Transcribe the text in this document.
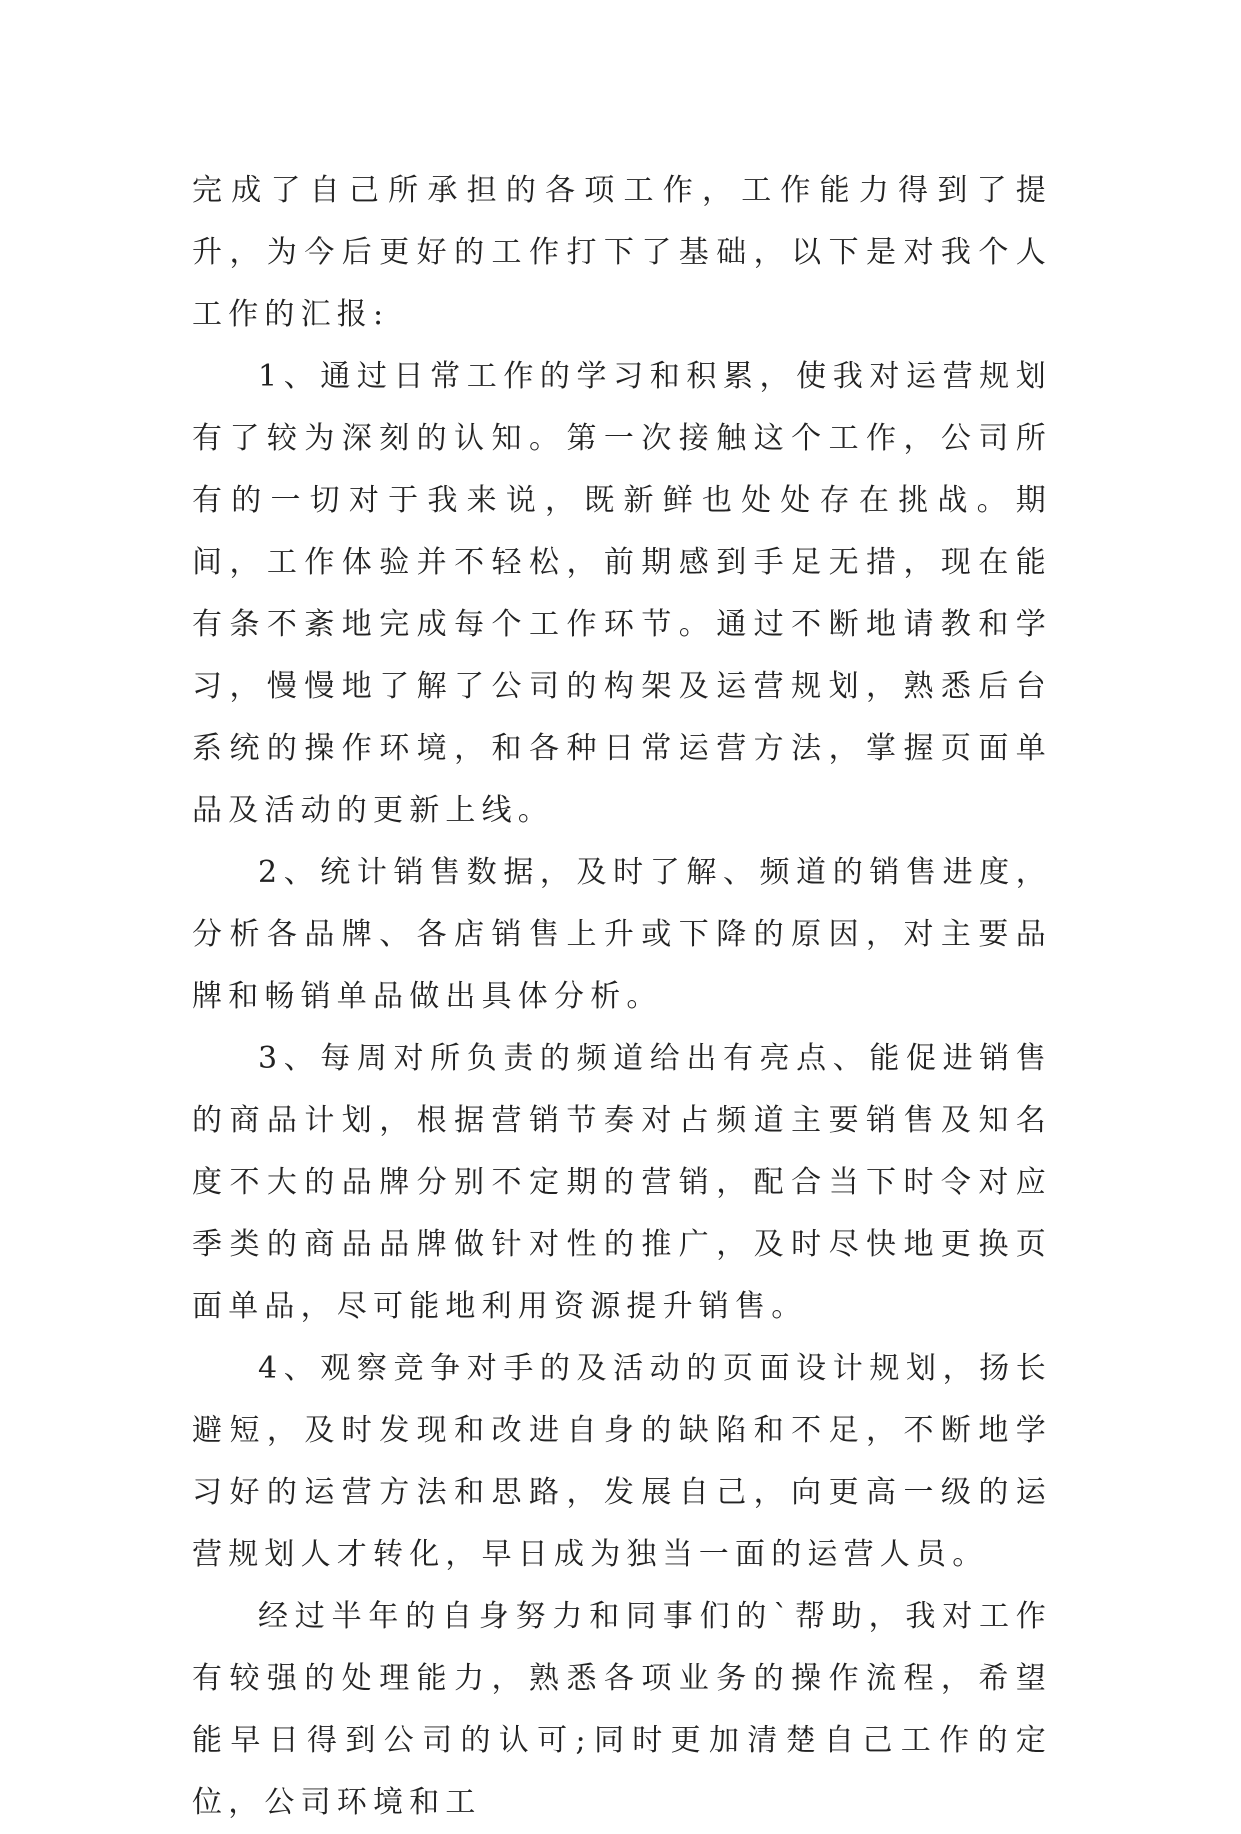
完成了自己所承担的各项工作，工作能力得到了提升，为今后更好的工作打下了基础，以下是对我个人工作的汇报:

1、通过日常工作的学习和积累，使我对运营规划有了较为深刻的认知。第一次接触这个工作，公司所有的一切对于我来说，既新鲜也处处存在挑战。期间，工作体验并不轻松，前期感到手足无措，现在能有条不紊地完成每个工作环节。通过不断地请教和学习，慢慢地了解了公司的构架及运营规划，熟悉后台系统的操作环境，和各种日常运营方法，掌握页面单品及活动的更新上线。

2、统计销售数据，及时了解、频道的销售进度，分析各品牌、各店销售上升或下降的原因，对主要品牌和畅销单品做出具体分析。

3、每周对所负责的频道给出有亮点、能促进销售的商品计划，根据营销节奏对占频道主要销售及知名度不大的品牌分别不定期的营销，配合当下时令对应季类的商品品牌做针对性的推广，及时尽快地更换页面单品，尽可能地利用资源提升销售。

4、观察竞争对手的及活动的页面设计规划，扬长避短，及时发现和改进自身的缺陷和不足，不断地学习好的运营方法和思路，发展自己，向更高一级的运营规划人才转化，早日成为独当一面的运营人员。

经过半年的自身努力和同事们的`帮助，我对工作有较强的处理能力，熟悉各项业务的操作流程，希望能早日得到公司的认可;同时更加清楚自己工作的定位，公司环境和工
